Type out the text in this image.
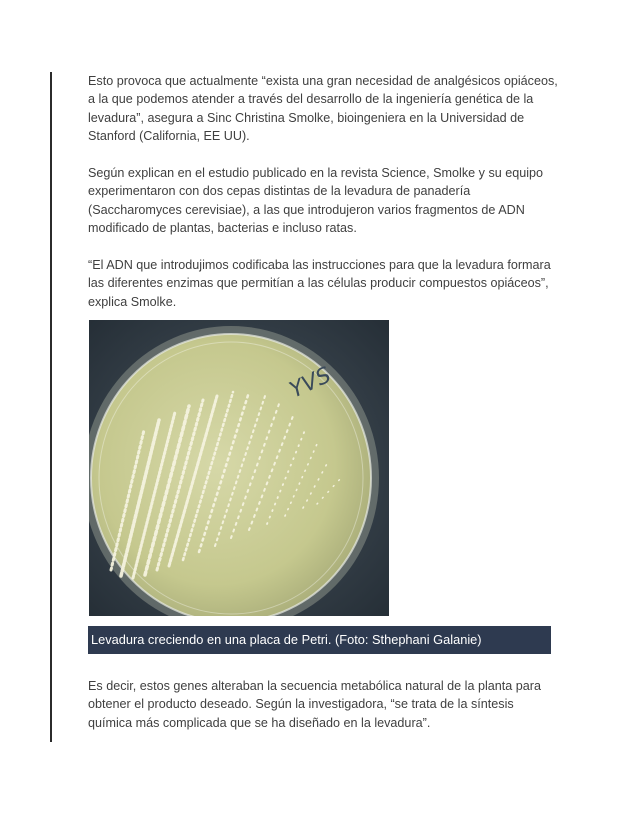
Esto provoca que actualmente “exista una gran necesidad de analgésicos opiáceos, a la que podemos atender a través del desarrollo de la ingeniería genética de la levadura”, asegura a Sinc Christina Smolke, bioingeniera en la Universidad de Stanford (California, EE UU).

Según explican en el estudio publicado en la revista Science, Smolke y su equipo experimentaron con dos cepas distintas de la levadura de panadería (Saccharomyces cerevisiae), a las que introdujeron varios fragmentos de ADN modificado de plantas, bacterias e incluso ratas.

“El ADN que introdujimos codificaba las instrucciones para que la levadura formara las diferentes enzimas que permitían a las células producir compuestos opiáceos”, explica Smolke.

YVS
Levadura creciendo en una placa de Petri. (Foto: Sthephani Galanie)

Es decir, estos genes alteraban la secuencia metabólica natural de la planta para obtener el producto deseado. Según la investigadora, “se trata de la síntesis química más complicada que se ha diseñado en la levadura”.
